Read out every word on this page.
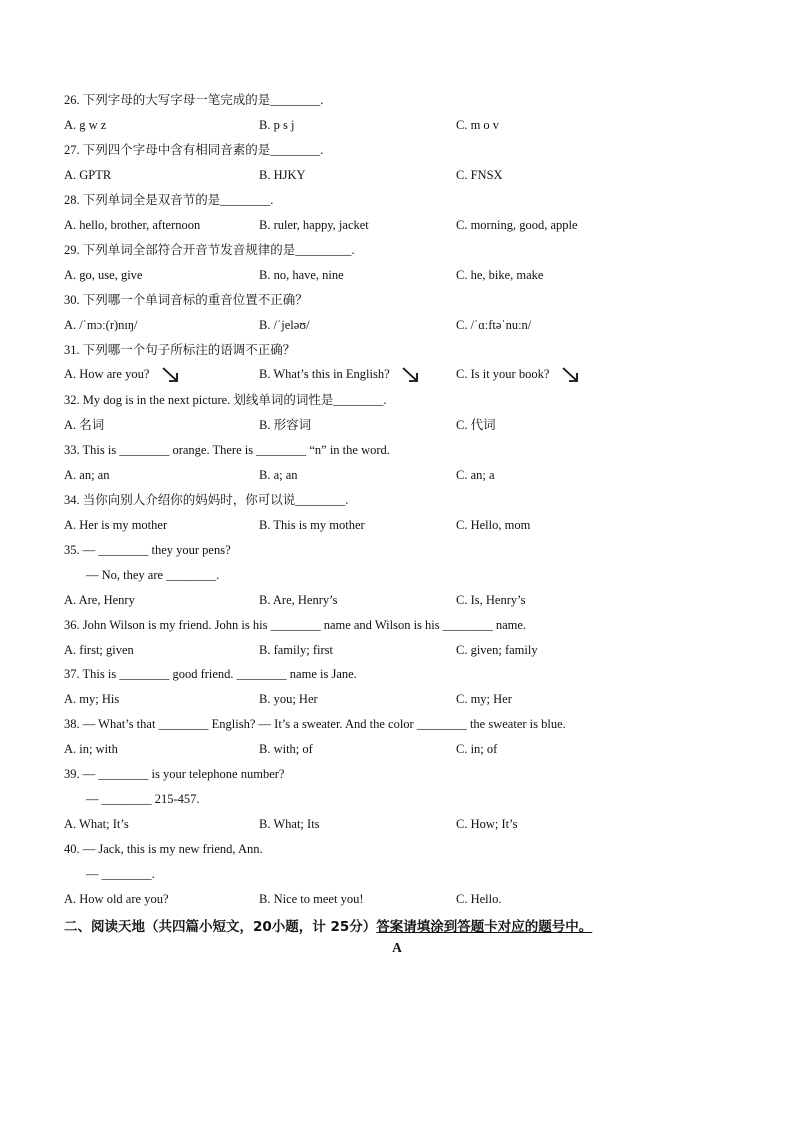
26. 下列字母的大写字母一笔完成的是________.
A. g w z	B. p s j	C. m o v
27. 下列四个字母中含有相同音素的是________.
A. GPTR	B. HJKY	C. FNSX
28. 下列单词全是双音节的是________.
A. hello, brother, afternoon	B. ruler, happy, jacket	C. morning, good, apple
29. 下列单词全部符合开音节发音规律的是_________.
A. go, use, give	B. no, have, nine	C. he, bike, make
30. 下列哪一个单词音标的重音位置不正确？
A. /ˈmɔː(r)nɪŋ/	B. /ˈjeləʊ/	C. /ˈɑːftəˈnuːn/
31. 下列哪一个句子所标注的语调不正确？
A. How are you?	B. What’s this in English?	C. Is it your book?
32. My dog is in the next picture. 划线单词的词性是________.
A. 名词	B. 形容词	C. 代词
33. This is ________ orange. There is ________ “n” in the word.
A. an; an	B. a; an	C. an; a
34. 当你向别人介绍你的妈妈时，你可以说________.
A. Her is my mother	B. This is my mother	C. Hello, mom
35. — ________ they your pens?
— No, they are ________.
A. Are, Henry	B. Are, Henry’s	C. Is, Henry’s
36. John Wilson is my friend. John is his ________ name and Wilson is his ________ name.
A. first; given	B. family; first	C. given; family
37. This is ________ good friend. ________ name is Jane.
A. my; His	B. you; Her	C. my; Her
38. — What’s that ________ English? — It’s a sweater. And the color ________ the sweater is blue.
A. in; with	B. with; of	C. in; of
39. — ________ is your telephone number?
— ________ 215-457.
A. What; It’s	B. What; Its	C. How; It’s
40. — Jack, this is my new friend, Ann.
— ________.
A. How old are you?	B. Nice to meet you!	C. Hello.
二、阅读天地（共四篇小短文，20小题，计 25分）答案请填涂到答题卡对应的题号中。
A
